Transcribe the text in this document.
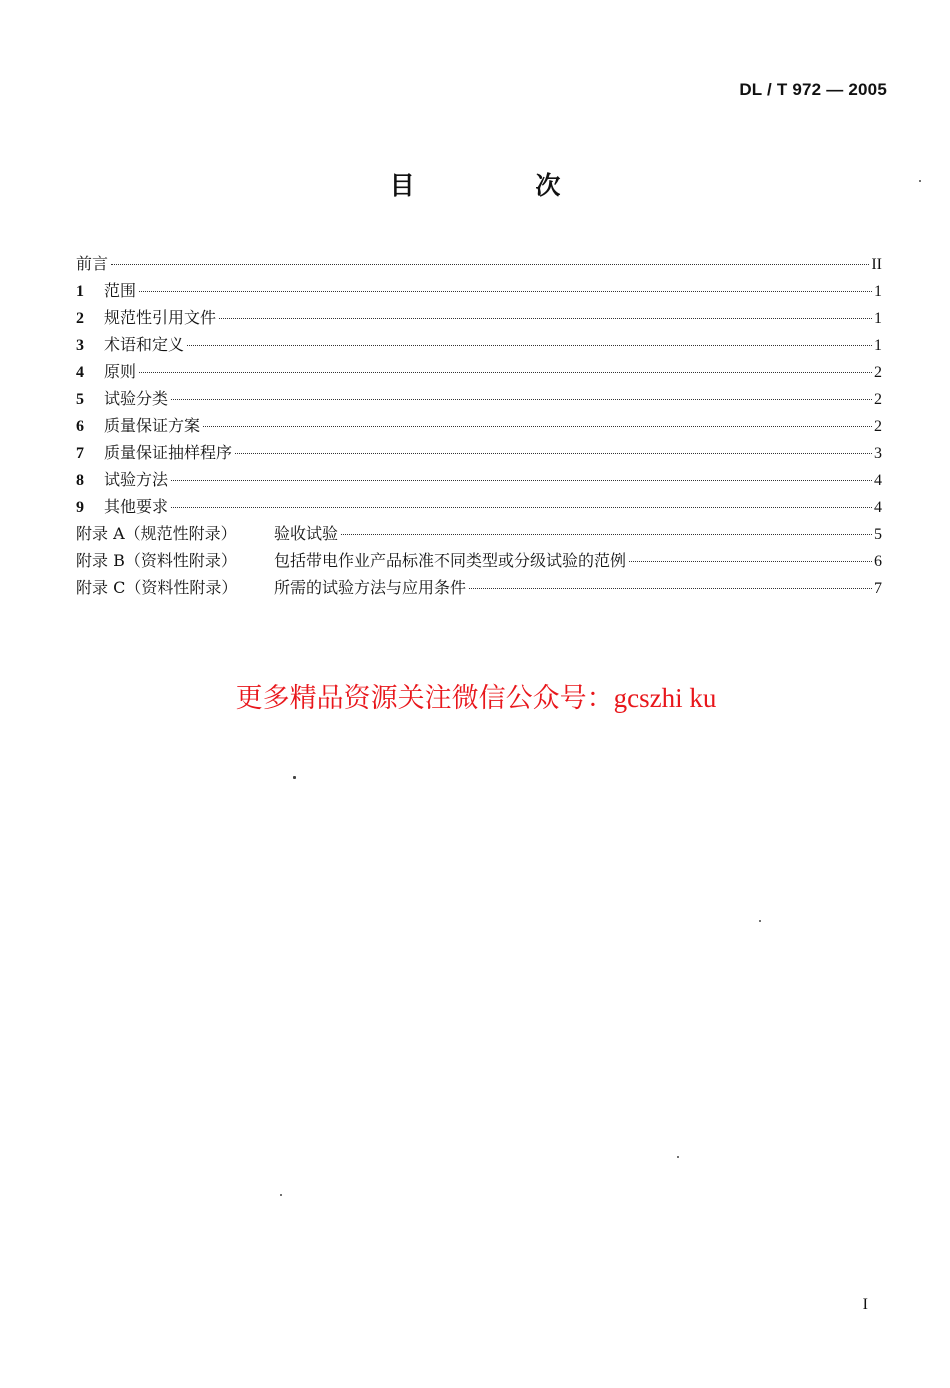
DL / T 972 — 2005
目 次
前言	II
1	范围	1
2	规范性引用文件	1
3	术语和定义	1
4	原则	2
5	试验分类	2
6	质量保证方案	2
7	质量保证抽样程序	3
8	试验方法	4
9	其他要求	4
附录 A（规范性附录）	验收试验	5
附录 B（资料性附录）	包括带电作业产品标准不同类型或分级试验的范例	6
附录 C（资料性附录）	所需的试验方法与应用条件	7
更多精品资源关注微信公众号：gcszhi ku
I
